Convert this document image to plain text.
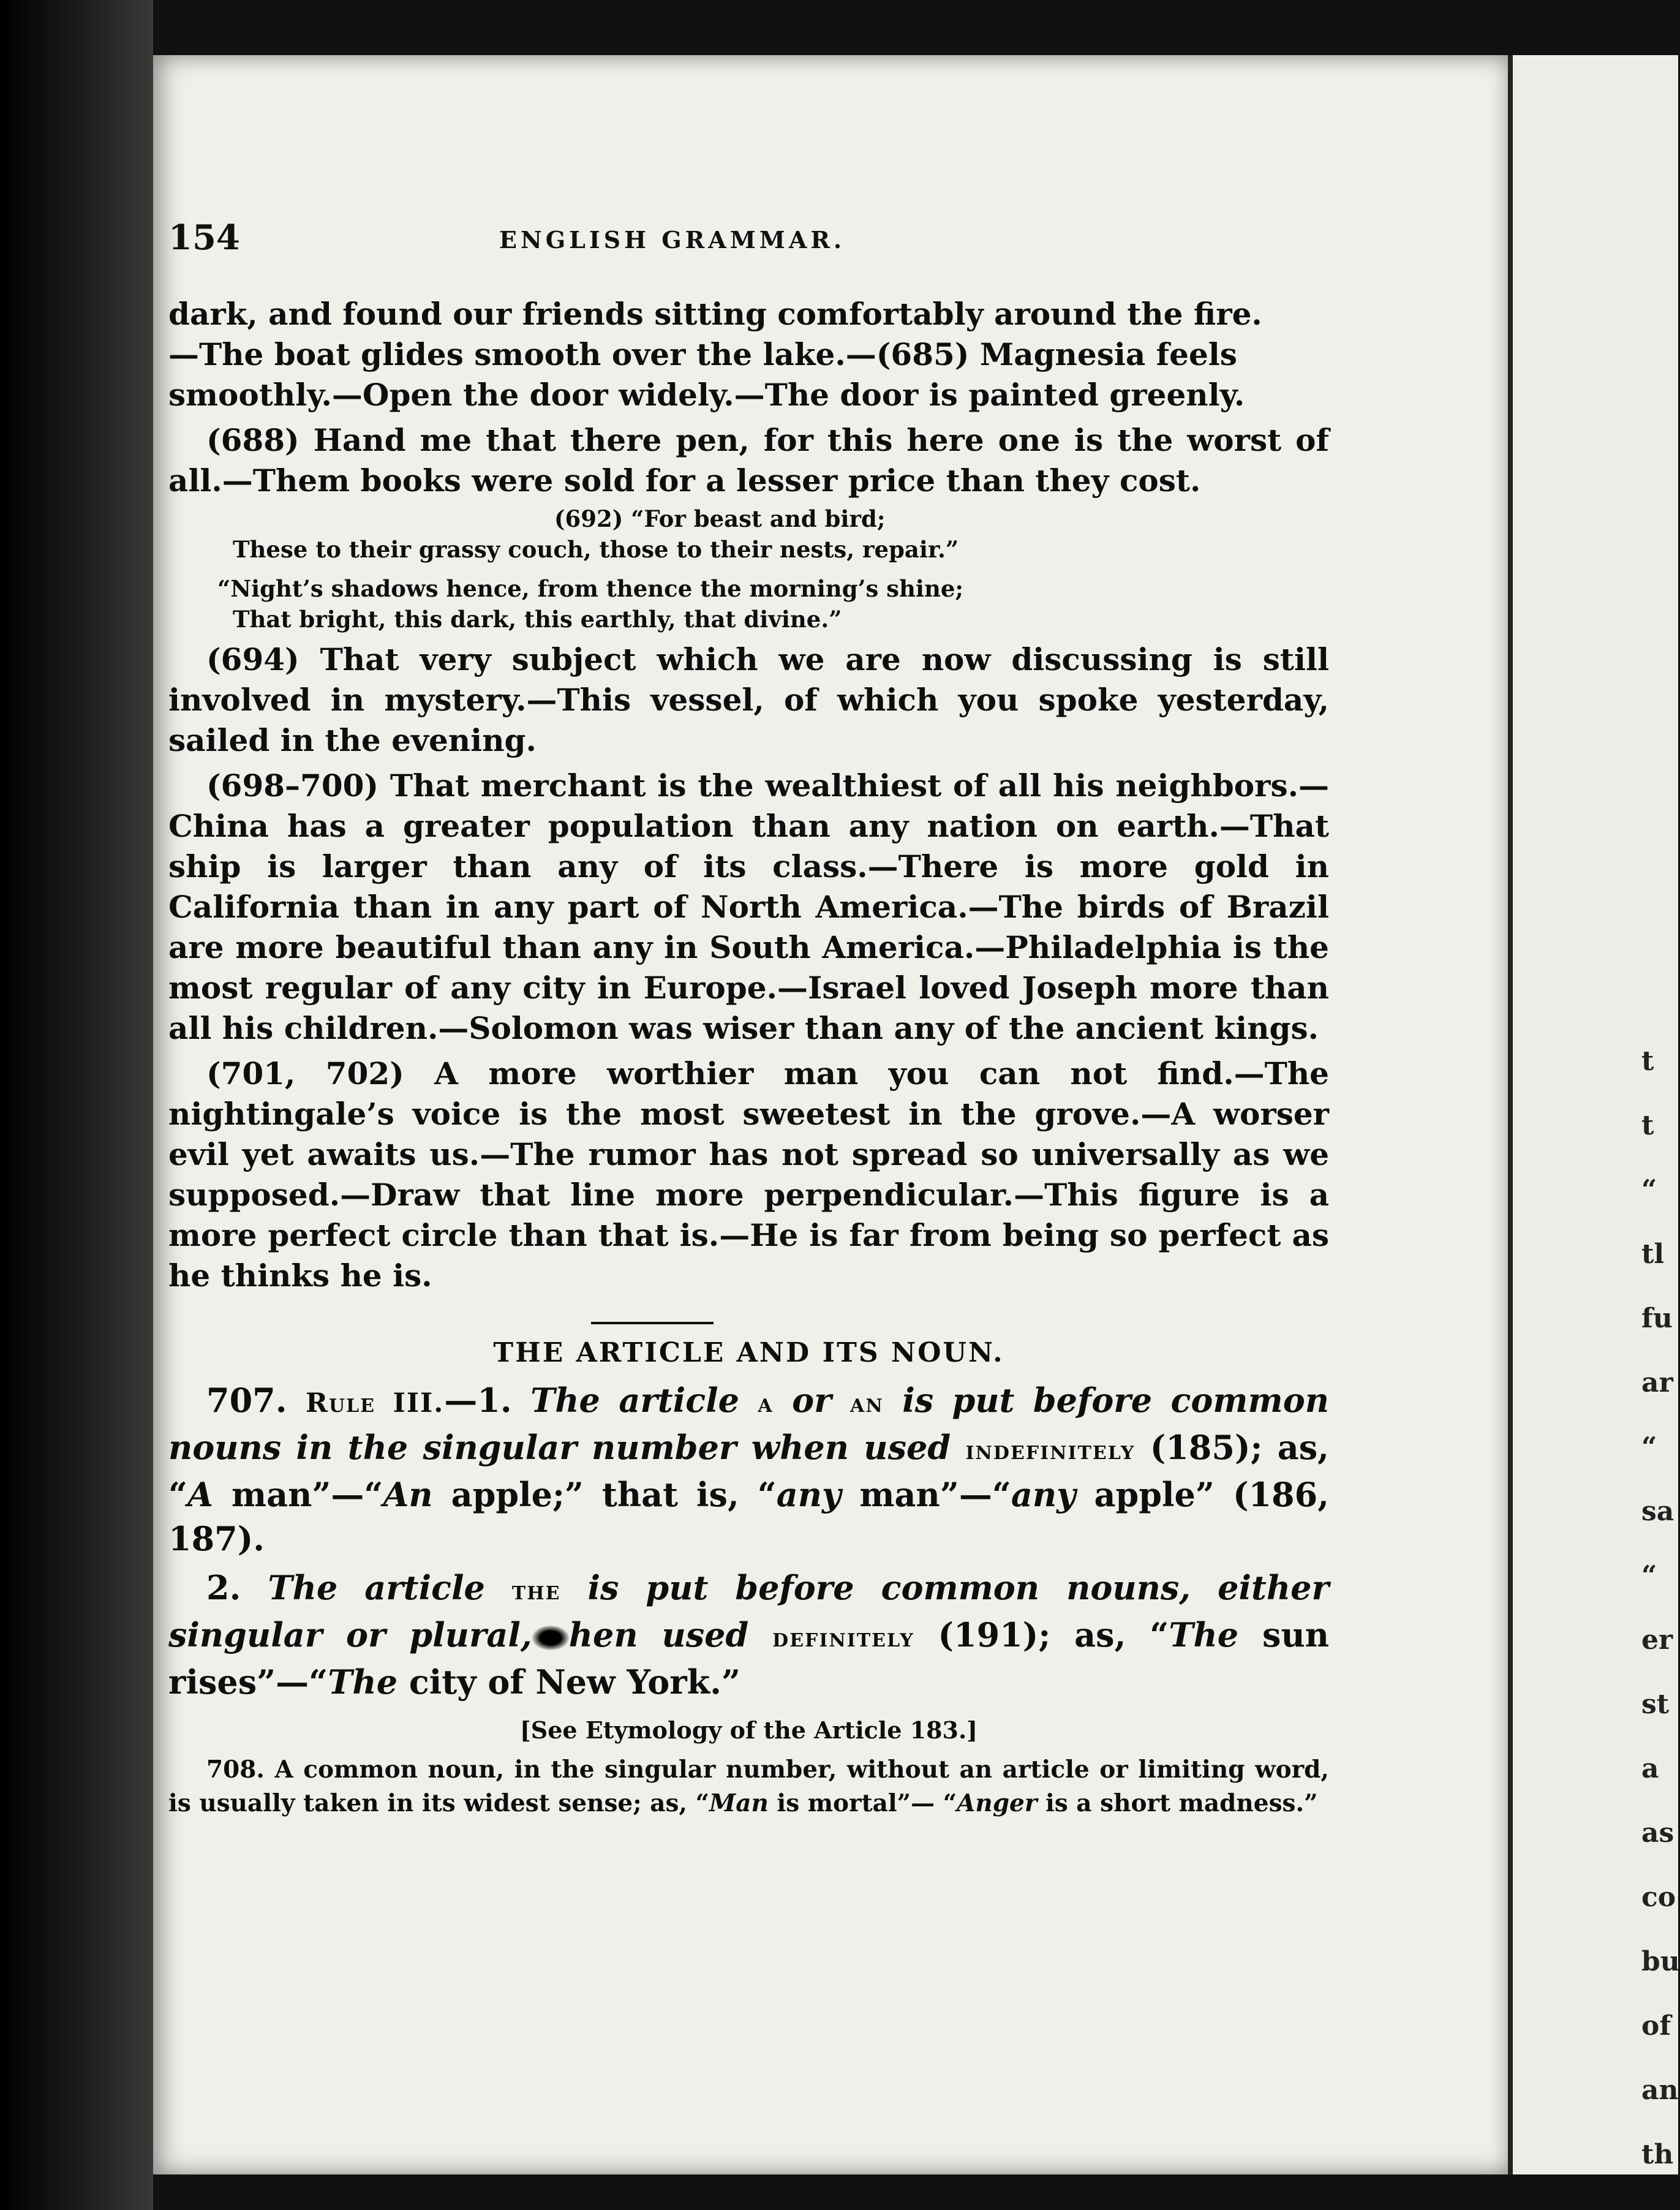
t
t
“
tl
fu
ar
“
sa
“
er
st
a
as
co
bu
of
an
th
154	ENGLISH GRAMMAR.

dark, and found our friends sitting comfortably around the fire.

—The boat glides smooth over the lake.—(685) Magnesia feels

smoothly.—Open the door widely.—The door is painted greenly.

(688) Hand me that there pen, for this here one is the worst of all.—Them books were sold for a lesser price than they cost.

(692) “For beast and bird;
These to their grassy couch, those to their nests, repair.”
“Night’s shadows hence, from thence the morning’s shine;
That bright, this dark, this earthly, that divine.”

(694) That very subject which we are now discussing is still involved in mystery.—This vessel, of which you spoke yesterday, sailed in the evening.

(698–700) That merchant is the wealthiest of all his neighbors.—China has a greater population than any nation on earth.—That ship is larger than any of its class.—There is more gold in California than in any part of North America.—The birds of Brazil are more beautiful than any in South America.—Philadelphia is the most regular of any city in Europe.—Israel loved Joseph more than all his children.—Solomon was wiser than any of the ancient kings.

(701, 702) A more worthier man you can not find.—The nightingale’s voice is the most sweetest in the grove.—A worser evil yet awaits us.—The rumor has not spread so universally as we supposed.—Draw that line more perpendicular.—This figure is a more perfect circle than that is.—He is far from being so perfect as he thinks he is.

THE ARTICLE AND ITS NOUN.

707. Rule III.—1. The article a or an is put before common nouns in the singular number when used indefinitely (185); as, “A man”—“An apple;” that is, “any man”—“any apple” (186, 187).

2. The article the is put before common nouns, either singular or plural, hen used definitely (191); as, “The sun rises”—“The city of New York.”

[See Etymology of the Article 183.]

708. A common noun, in the singular number, without an article or limiting word, is usually taken in its widest sense; as, “Man is mortal”— “Anger is a short madness.”
